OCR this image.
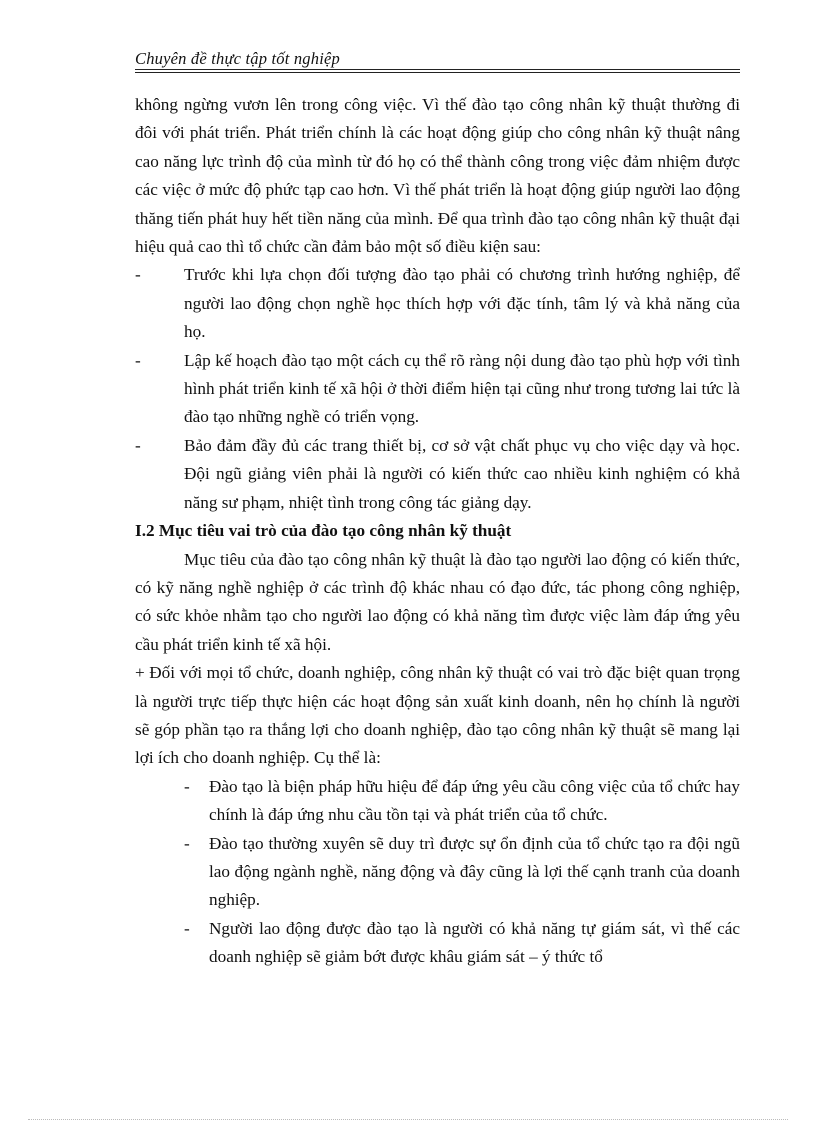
Chuyên đề thực tập tốt nghiệp

không ngừng vươn lên trong công việc. Vì thế đào tạo công nhân kỹ thuật thường đi đôi với phát triển. Phát triển chính là các hoạt động giúp cho công nhân kỹ thuật nâng cao năng lực trình độ của mình từ đó họ có thể thành công trong việc đảm nhiệm được các việc ở mức độ phức tạp cao hơn. Vì thế phát triển là hoạt động giúp người lao động thăng tiến phát huy hết tiền năng của mình. Để qua trình đào tạo công nhân kỹ thuật đại hiệu quả cao thì tổ chức cần đảm bảo một số điều kiện sau:

-	Trước khi lựa chọn đối tượng đào tạo phải có chương trình hướng nghiệp, để người lao động chọn nghề học thích hợp với đặc tính, tâm lý và khả năng của họ.
-	Lập kế hoạch đào tạo một cách cụ thể rõ ràng nội dung đào tạo phù hợp với tình hình phát triển kinh tế xã hội ở thời điểm hiện tại cũng như trong tương lai tức là đào tạo những nghề có triển vọng.
-	Bảo đảm đầy đủ các trang thiết bị, cơ sở vật chất phục vụ cho việc dạy và học. Đội ngũ giảng viên phải là người có kiến thức cao nhiều kinh nghiệm có khả năng sư phạm, nhiệt tình trong công tác giảng dạy.

I.2 Mục tiêu vai trò của đào tạo công nhân kỹ thuật

Mục tiêu của đào tạo công nhân kỹ thuật là đào tạo người lao động có kiến thức, có kỹ năng nghề nghiệp ở các trình độ khác nhau có đạo đức, tác phong công nghiệp, có sức khỏe nhằm tạo cho người lao động có khả năng tìm được việc làm đáp ứng yêu cầu phát triển kinh tế xã hội.

+ Đối với mọi tổ chức, doanh nghiệp, công nhân kỹ thuật có vai trò đặc biệt quan trọng là người trực tiếp thực hiện các hoạt động sản xuất kinh doanh, nên họ chính là người sẽ góp phần tạo ra thắng lợi cho doanh nghiệp, đào tạo công nhân kỹ thuật sẽ mang lại lợi ích cho doanh nghiệp. Cụ thể là:

-	Đào tạo là biện pháp hữu hiệu để đáp ứng yêu cầu công việc của tổ chức hay chính là đáp ứng nhu cầu tồn tại và phát triển của tổ chức.
-	Đào tạo thường xuyên sẽ duy trì được sự ổn định của tổ chức tạo ra đội ngũ lao động ngành nghề, năng động và đây cũng là lợi thế cạnh tranh của doanh nghiệp.
-	Người lao động được đào tạo là người có khả năng tự giám sát, vì thế các doanh nghiệp sẽ giảm bớt được khâu giám sát – ý thức tổ
